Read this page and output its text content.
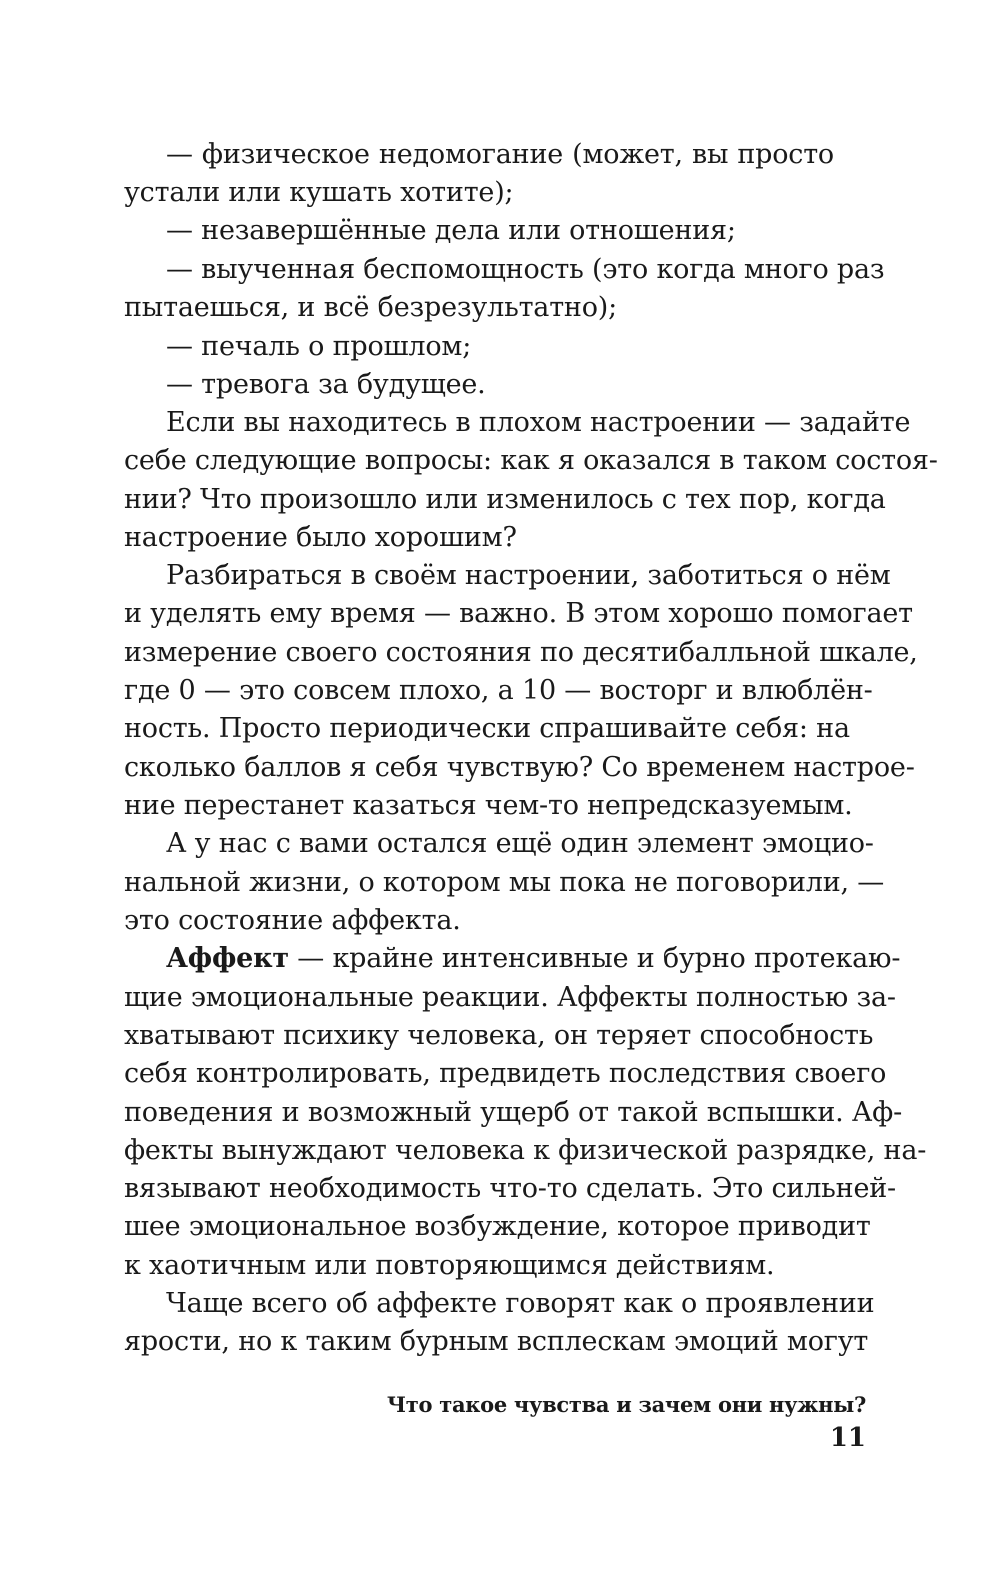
— физическое недомогание (может, вы просто
устали или кушать хотите);
— незавершённые дела или отношения;
— выученная беспомощность (это когда много раз
пытаешься, и всё безрезультатно);
— печаль о прошлом;
— тревога за будущее.
Если вы находитесь в плохом настроении — задайте
себе следующие вопросы: как я оказался в таком состоя-
нии? Что произошло или изменилось с тех пор, когда
настроение было хорошим?
Разбираться в своём настроении, заботиться о нём
и уделять ему время — важно. В этом хорошо помогает
измерение своего состояния по десятибалльной шкале,
где 0 — это совсем плохо, а 10 — восторг и влюблён-
ность. Просто периодически спрашивайте себя: на
сколько баллов я себя чувствую? Со временем настрое-
ние перестанет казаться чем-то непредсказуемым.
А у нас с вами остался ещё один элемент эмоцио-
нальной жизни, о котором мы пока не поговорили, —
это состояние аффекта.
Аффект — крайне интенсивные и бурно протекаю-
щие эмоциональные реакции. Аффекты полностью за-
хватывают психику человека, он теряет способность
себя контролировать, предвидеть последствия своего
поведения и возможный ущерб от такой вспышки. Аф-
фекты вынуждают человека к физической разрядке, на-
вязывают необходимость что-то сделать. Это сильней-
шее эмоциональное возбуждение, которое приводит
к хаотичным или повторяющимся действиям.
Чаще всего об аффекте говорят как о проявлении
ярости, но к таким бурным всплескам эмоций могут
Что такое чувства и зачем они нужны?
11
